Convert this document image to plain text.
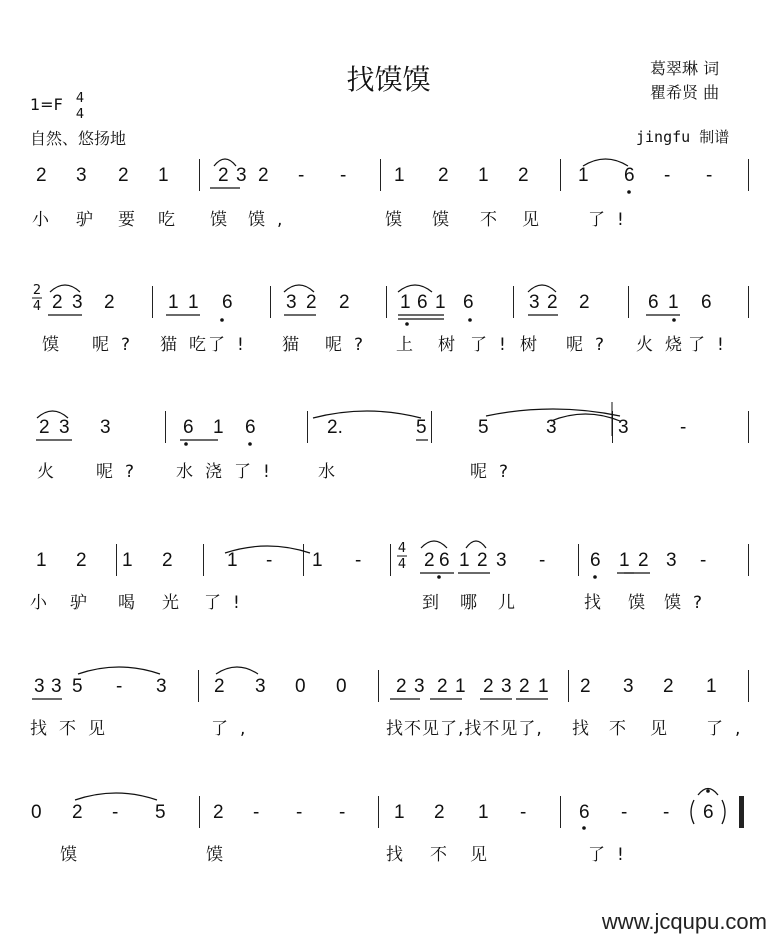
找馍馍	葛翠琳 词
瞿希贤 曲
jingfu 制谱
1=F 4
4
自然、悠扬地
2 3 2 1	2 3 2 - -	1 2 1 2	1 6 - -
小 驴 要 吃 馍 馍,	馍 馍 不 见 了!
2 3 2	1 1 6	3 2 2	1 6 1 6	3 2 2	6 1 6
馍 呢? 猫吃
了! 猫 呢? 上 树 了! 树 呢? 火烧
了!
2
4
2 3 3	6 1 6	2.	5	5	3	3	-
火 呢? 水浇 了! 水	呢?
1 2 1 2	1 - 1 -	2 6 1 2 3 - 6 1 2 3 -
小 驴 喝 光 了!	到 哪 儿	找 馍 馍?
4
4
3 3 5 - 3 2 3 0 0	2 3 2 1 2 3 2 1 2 3 2 1
找不见	了,	找不见了,找不见了, 找 不 见 了,
0 2 - 5 2 - - -	1 2 1 -	6 - - 6
馍	馍	找 不 见	了!
www.jcqupu.com
